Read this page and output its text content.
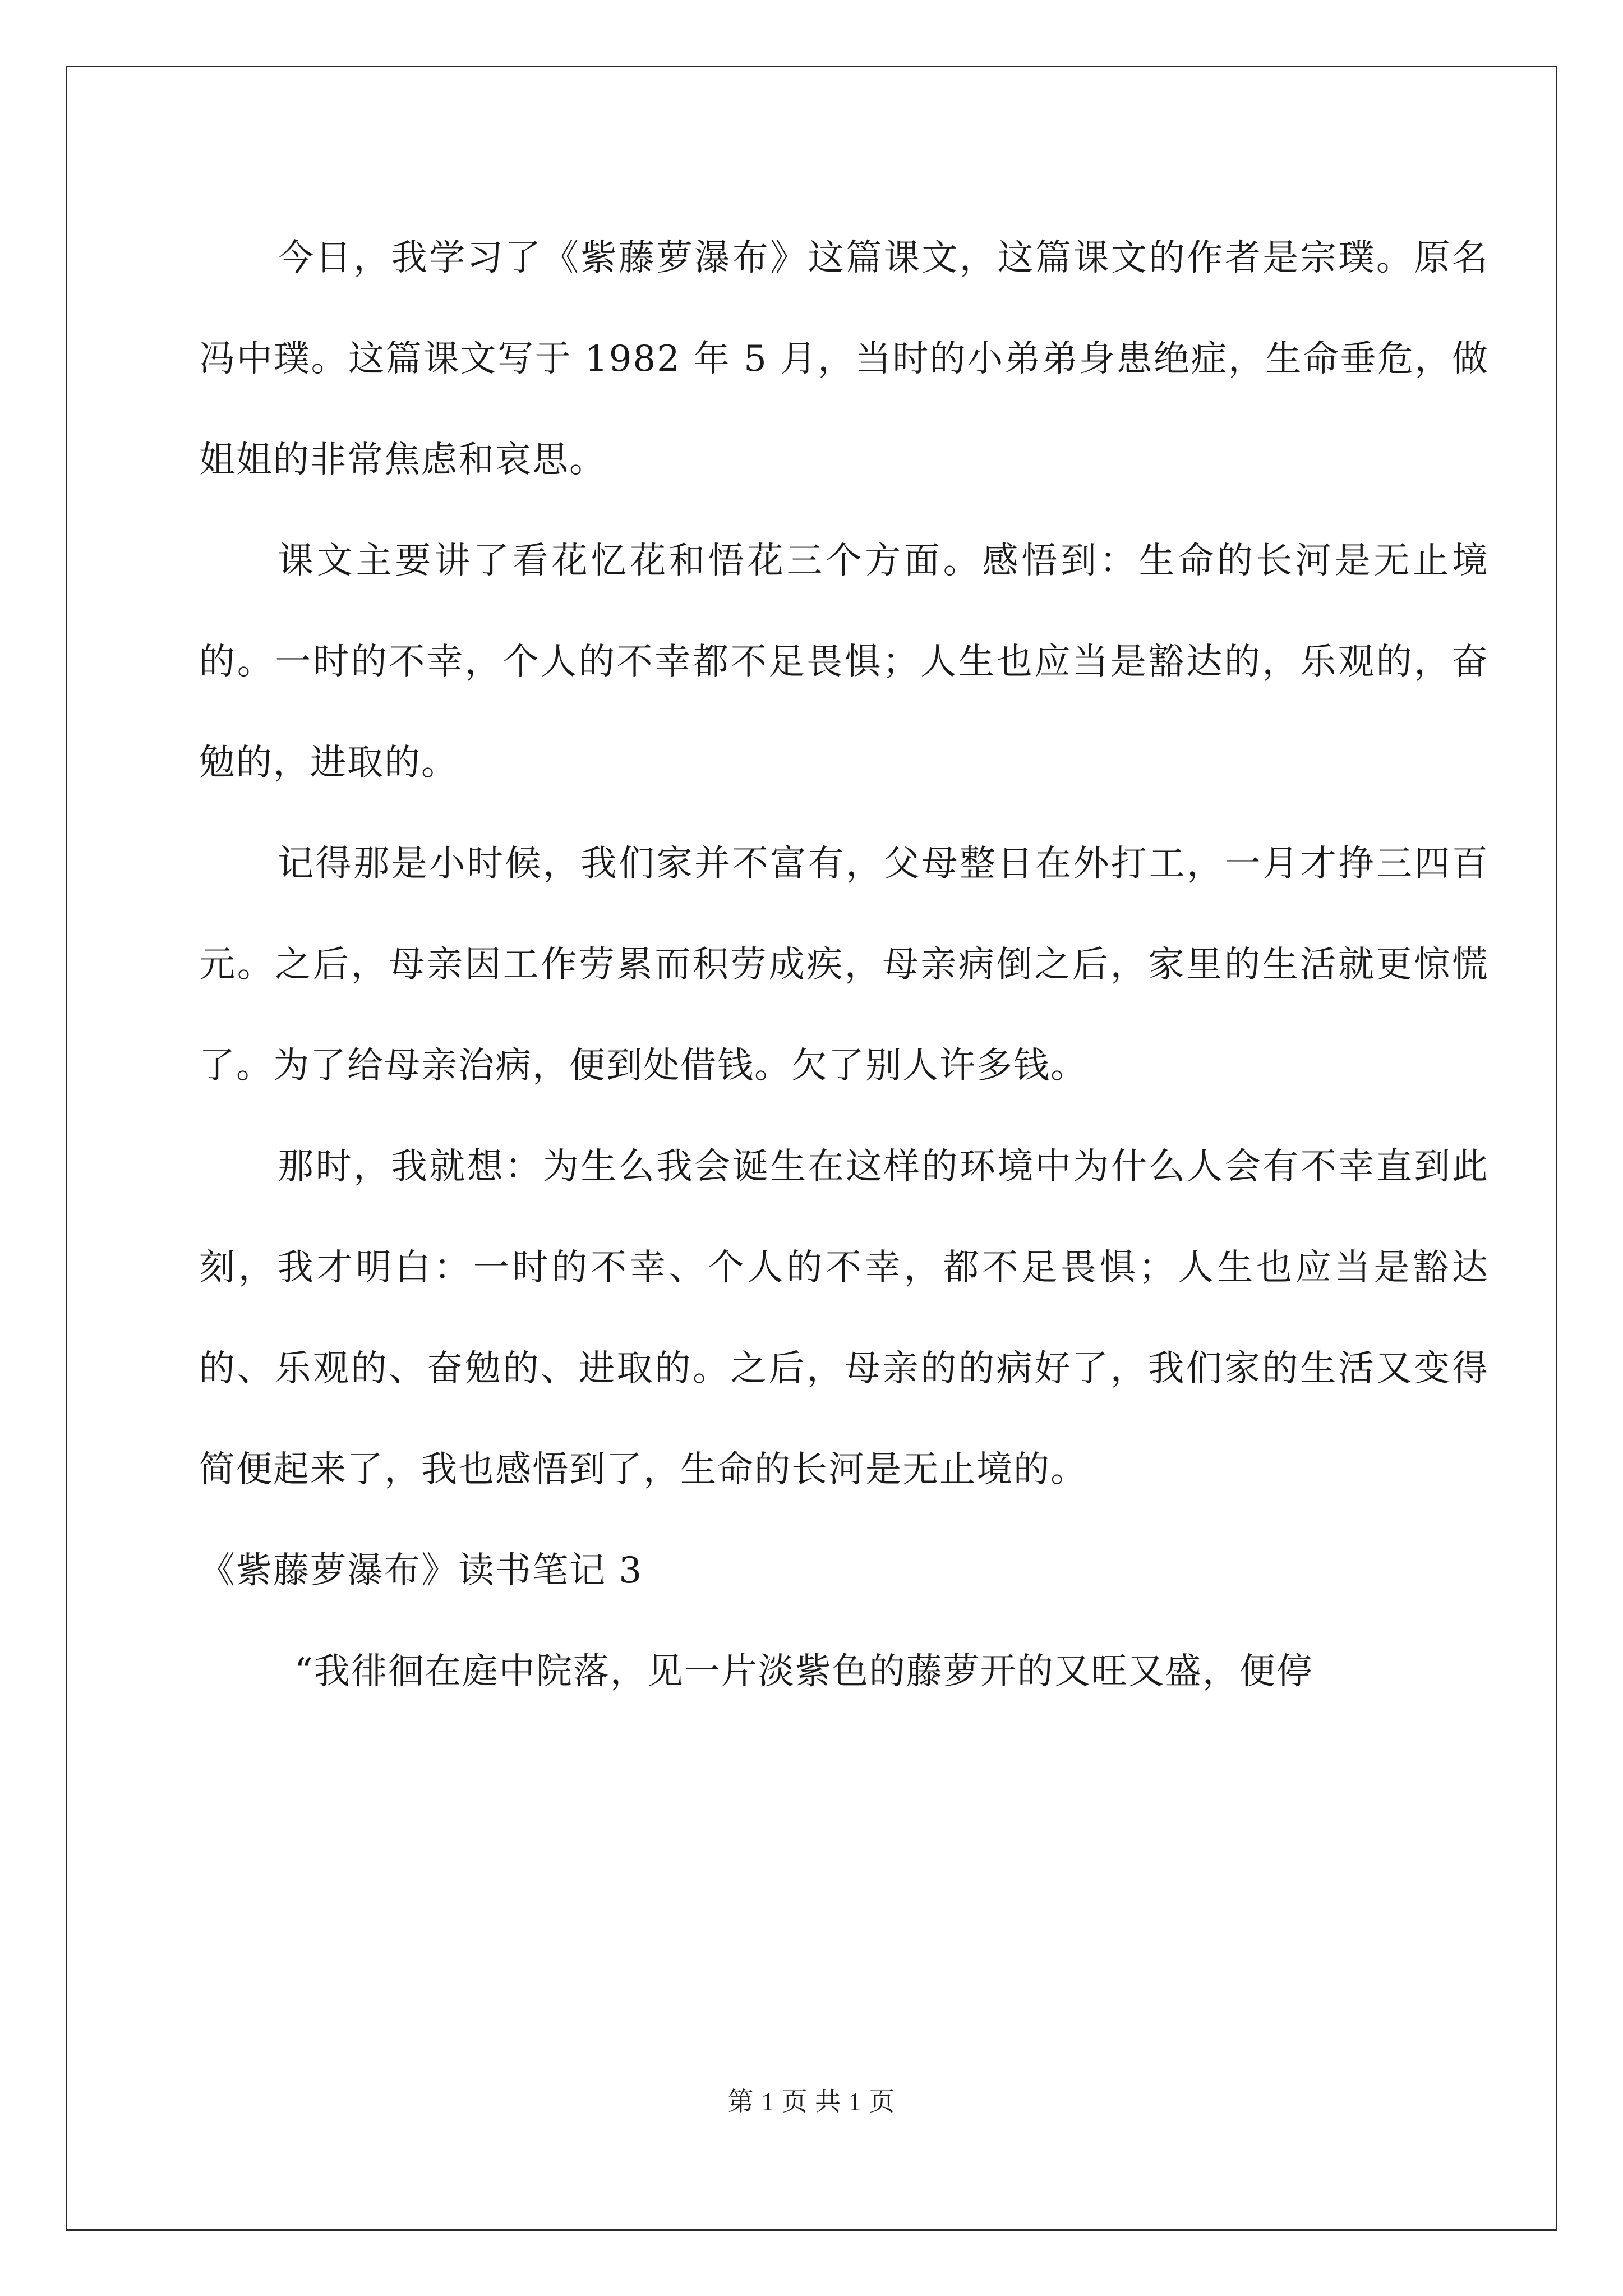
今日，我学习了《紫藤萝瀑布》这篇课文，这篇课文的作者是宗璞。原名冯中璞。这篇课文写于 1982 年 5 月，当时的小弟弟身患绝症，生命垂危，做姐姐的非常焦虑和哀思。

课文主要讲了看花忆花和悟花三个方面。感悟到：生命的长河是无止境的。一时的不幸，个人的不幸都不足畏惧；人生也应当是豁达的，乐观的，奋勉的，进取的。

记得那是小时候，我们家并不富有，父母整日在外打工，一月才挣三四百元。之后，母亲因工作劳累而积劳成疾，母亲病倒之后，家里的生活就更惊慌了。为了给母亲治病，便到处借钱。欠了别人许多钱。

那时，我就想：为生么我会诞生在这样的环境中为什么人会有不幸直到此刻，我才明白：一时的不幸、个人的不幸，都不足畏惧；人生也应当是豁达的、乐观的、奋勉的、进取的。之后，母亲的的病好了，我们家的生活又变得简便起来了，我也感悟到了，生命的长河是无止境的。

《紫藤萝瀑布》读书笔记 3

“我徘徊在庭中院落，见一片淡紫色的藤萝开的又旺又盛，便停

第 1 页 共 1 页
